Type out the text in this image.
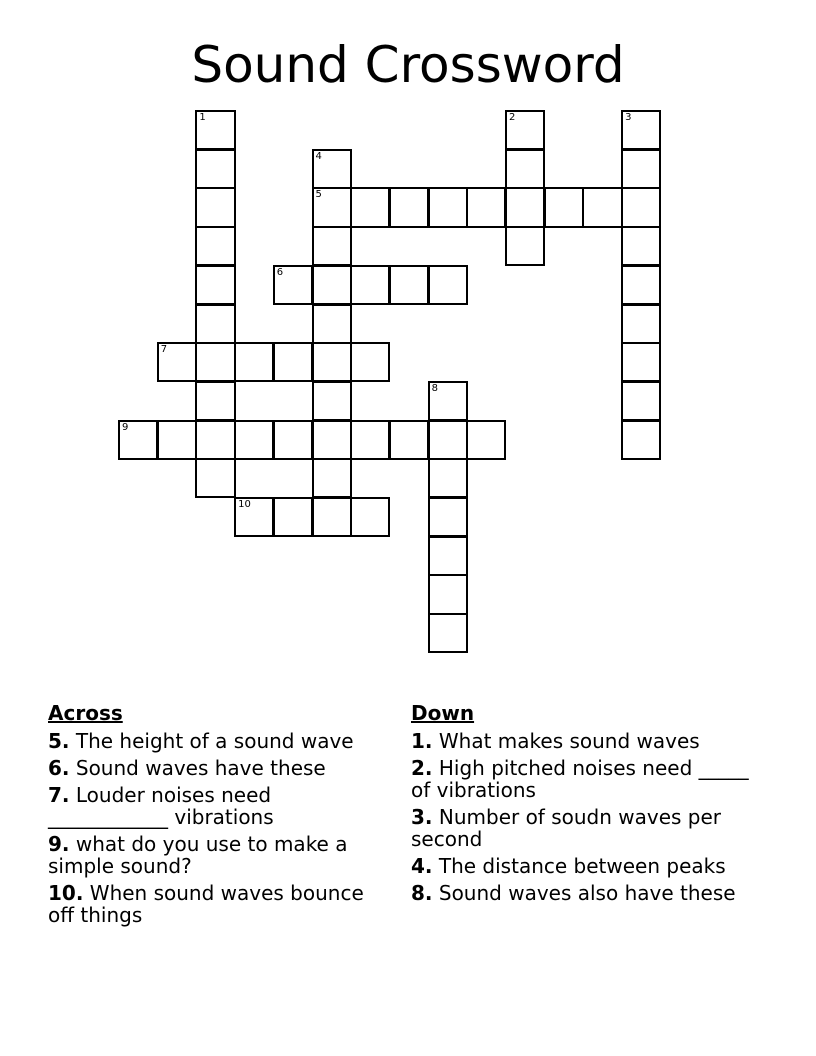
Sound Crossword
1	2	3
4
5
6
7
8
9
10
Across
5. The height of a sound wave
6. Sound waves have these
7. Louder noises need ____________ vibrations
9. what do you use to make a simple sound?
10. When sound waves bounce off things
Down
1. What makes sound waves
2. High pitched noises need _____ of vibrations
3. Number of soudn waves per second
4. The distance between peaks
8. Sound waves also have these
